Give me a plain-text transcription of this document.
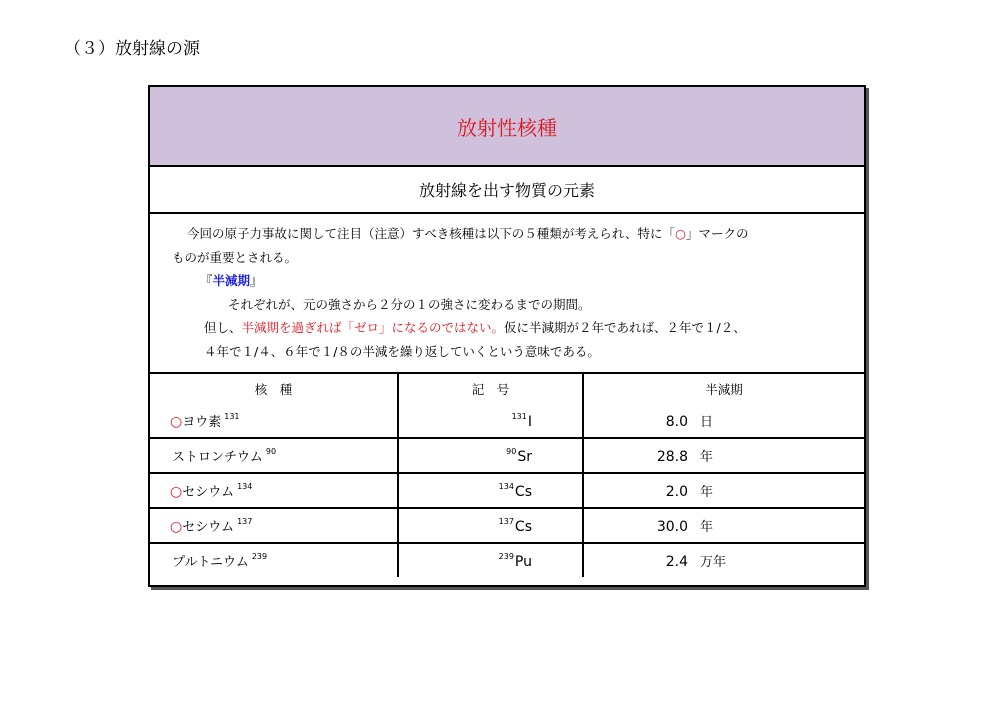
（３）放射線の源
放射性核種
放射線を出す物質の元素

今回の原子力事故に関して注目（注意）すべき核種は以下の５種類が考えられ、特に「○」マークの

ものが重要とされる。

『半減期』

それぞれが、元の強さから２分の１の強さに変わるまでの期間。

但し、半減期を過ぎれば「ゼロ」になるのではない。仮に半減期が２年であれば、２年で１/２、

４年で１/４、６年で１/８の半減を繰り返していくという意味である。

核　種	記　号	半減期
○ヨウ素 $^{131}$	$^{131}$I	8.0 日
ストロンチウム $^{90}$	$^{90}$Sr	28.8 年
○セシウム $^{134}$	$^{134}$Cs	2.0 年
○セシウム $^{137}$	$^{137}$Cs	30.0 年
プルトニウム $^{239}$	$^{239}$Pu	2.4 万年
